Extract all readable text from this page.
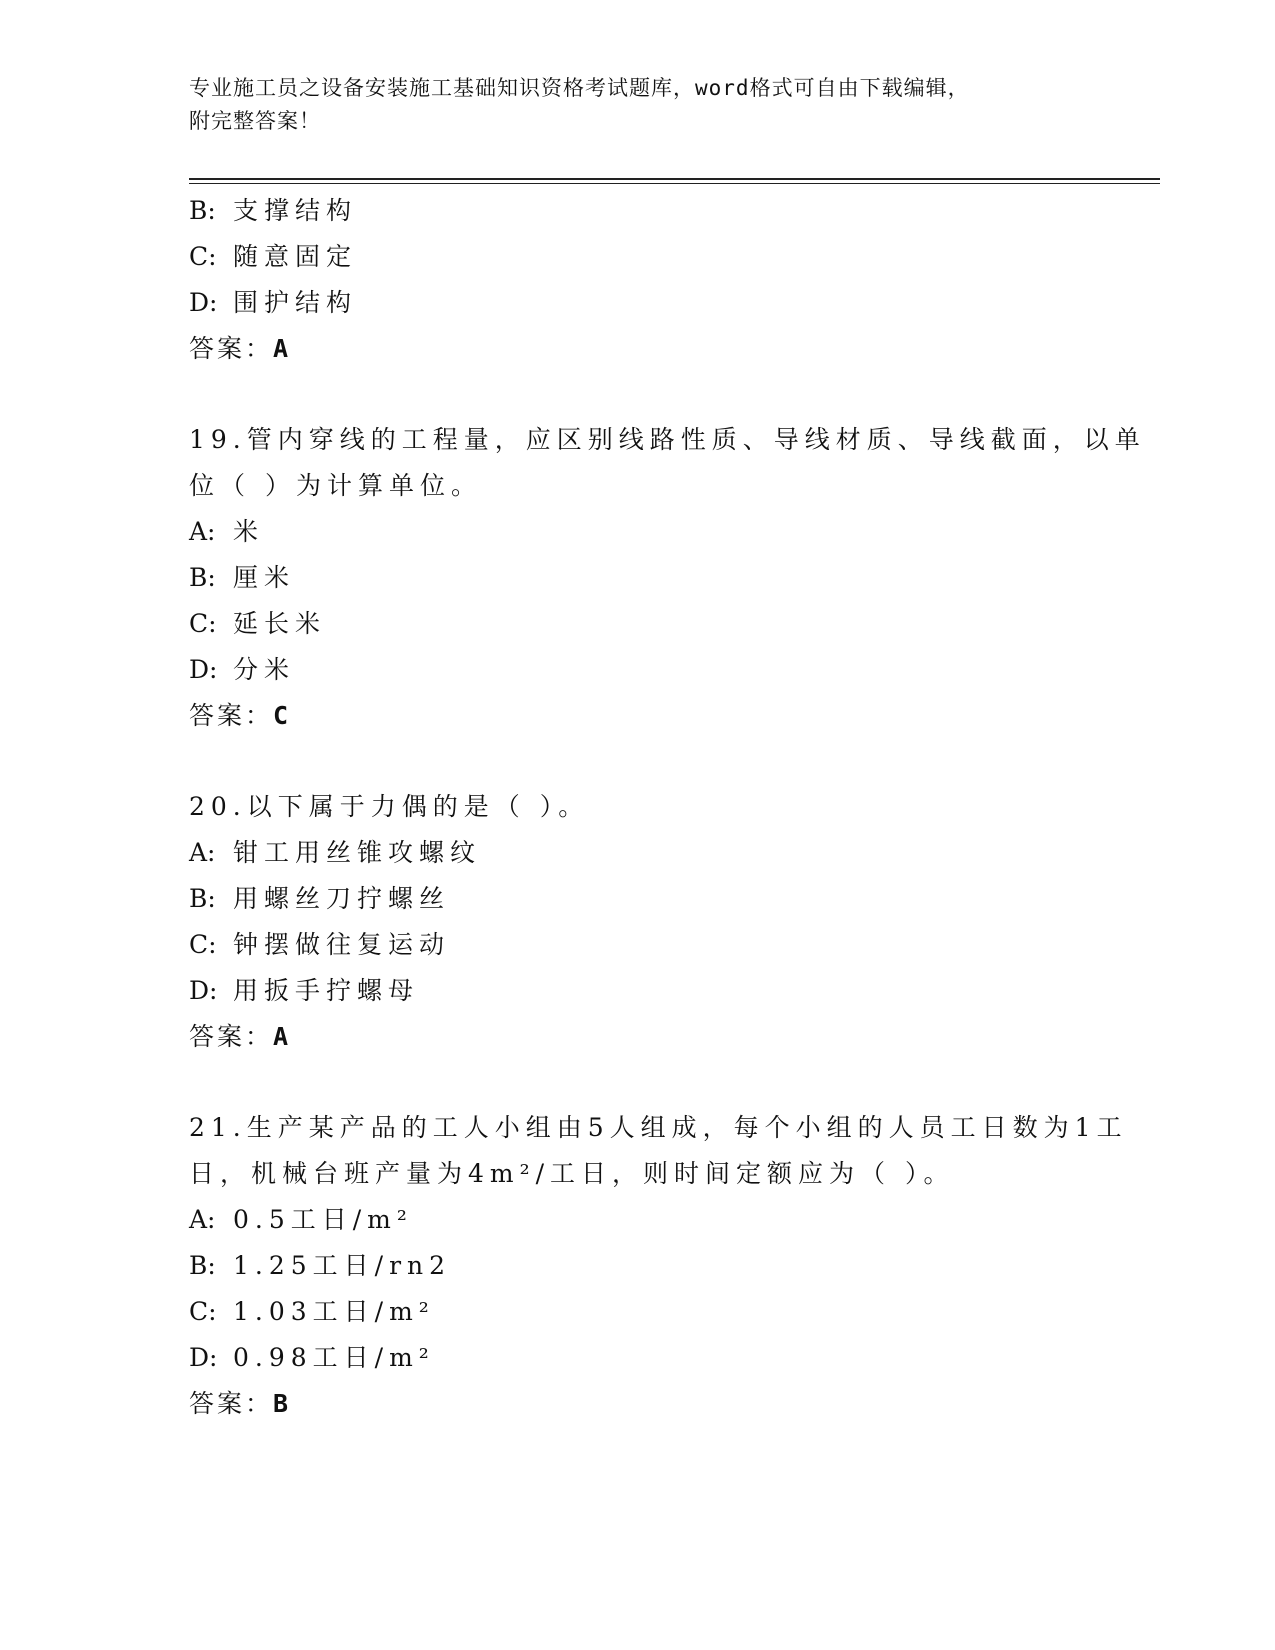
专业施工员之设备安装施工基础知识资格考试题库，word格式可自由下载编辑，
附完整答案！
B: 支撑结构
C: 随意固定
D: 围护结构
答案：A
19.管内穿线的工程量，应区别线路性质、导线材质、导线截面，以单
位（ ）为计算单位。
A: 米
B: 厘米
C: 延长米
D: 分米
答案：C
20.以下属于力偶的是（ ）。
A: 钳工用丝锥攻螺纹
B: 用螺丝刀拧螺丝
C: 钟摆做往复运动
D: 用扳手拧螺母
答案：A
21.生产某产品的工人小组由5人组成，每个小组的人员工日数为1工
日，机械台班产量为4m²/工日，则时间定额应为（ ）。
A: 0.5工日/m²
B: 1.25工日/rn2
C: 1.03工日/m²
D: 0.98工日/m²
答案：B
